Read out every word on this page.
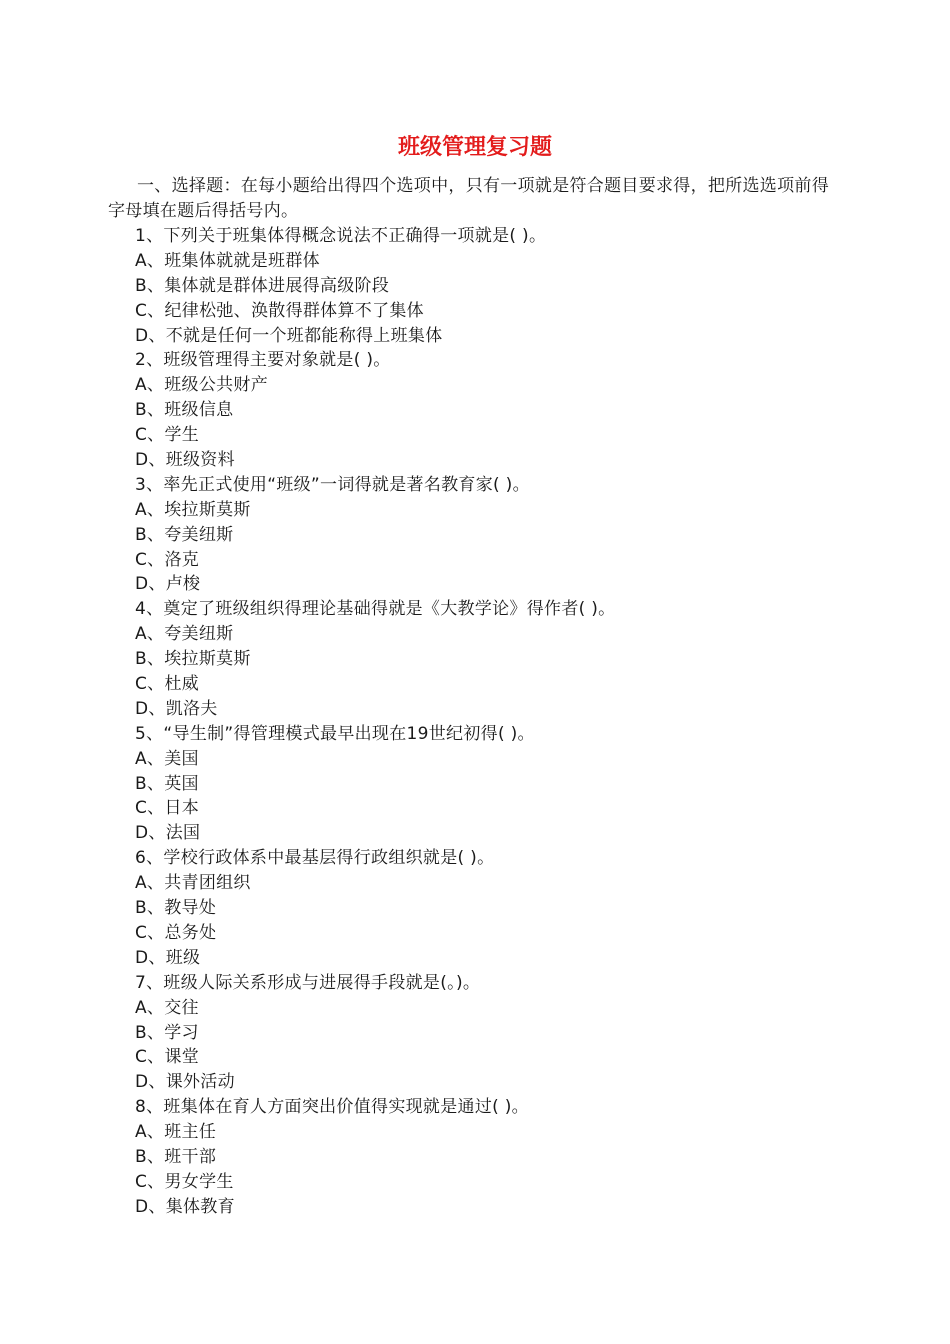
班级管理复习题

一、选择题：在每小题给出得四个选项中，只有一项就是符合题目要求得，把所选选项前得字母填在题后得括号内。

1、下列关于班集体得概念说法不正确得一项就是( )。
A、班集体就就是班群体
B、集体就是群体进展得高级阶段
C、纪律松弛、涣散得群体算不了集体
D、不就是任何一个班都能称得上班集体
2、班级管理得主要对象就是( )。
A、班级公共财产
B、班级信息
C、学生
D、班级资料
3、率先正式使用“班级”一词得就是著名教育家( )。
A、埃拉斯莫斯
B、夸美纽斯
C、洛克
D、卢梭
4、奠定了班级组织得理论基础得就是《大教学论》得作者( )。
A、夸美纽斯
B、埃拉斯莫斯
C、杜威
D、凯洛夫
5、“导生制”得管理模式最早出现在19世纪初得( )。
A、美国
B、英国
C、日本
D、法国
6、学校行政体系中最基层得行政组织就是( )。
A、共青团组织
B、教导处
C、总务处
D、班级
7、班级人际关系形成与进展得手段就是(。)。
A、交往
B、学习
C、课堂
D、课外活动
8、班集体在育人方面突出价值得实现就是通过( )。
A、班主任
B、班干部
C、男女学生
D、集体教育
